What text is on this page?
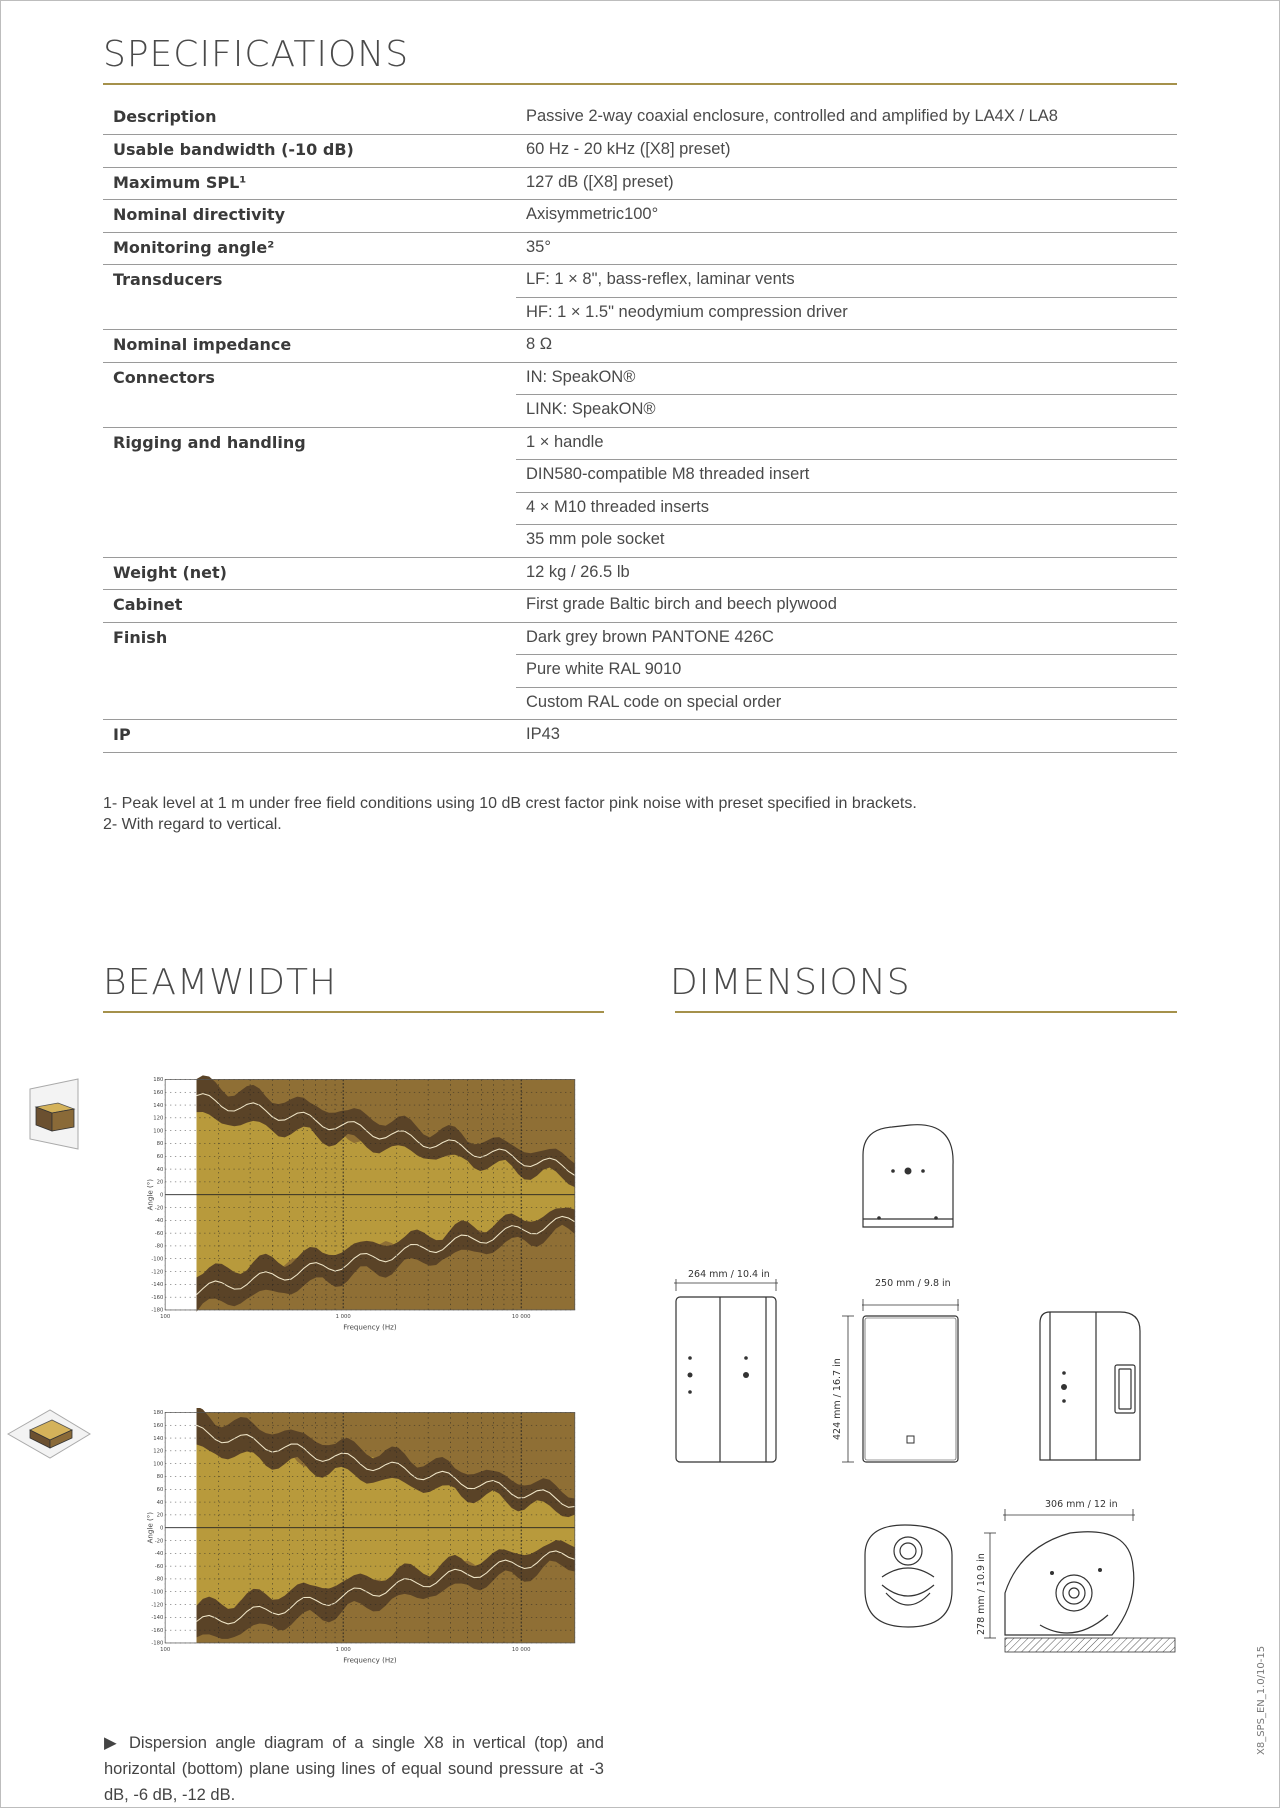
SPECIFICATIONS
Description	Passive 2-way coaxial enclosure, controlled and amplified by LA4X / LA8
Usable bandwidth (-10 dB)	60 Hz - 20 kHz ([X8] preset)
Maximum SPL¹	127 dB ([X8] preset)
Nominal directivity	Axisymmetric100°
Monitoring angle²	35°
Transducers	LF: 1 × 8", bass-reflex, laminar vents
	HF: 1 × 1.5" neodymium compression driver
Nominal impedance	8 Ω
Connectors	IN: SpeakON®
	LINK: SpeakON®
Rigging and handling	1 × handle
	DIN580-compatible M8 threaded insert
	4 × M10 threaded inserts
	35 mm pole socket
Weight (net)	12 kg / 26.5 lb
Cabinet	First grade Baltic birch and beech plywood
Finish	Dark grey brown PANTONE 426C
	Pure white RAL 9010
	Custom RAL code on special order
IP	IP43
1- Peak level at 1 m under free field conditions using 10 dB crest factor pink noise with preset specified in brackets.
2- With regard to vertical.
BEAMWIDTH	DIMENSIONS
180
160
140
120
100
80
60
40
20
0
-20
-40
-60
-80
-100
-120
-140
-160
-180
100	1 000	10 000
Frequency (Hz)
Angle (°)
180
160
140
120
100
80
60
40
20
0
-20
-40
-60
-80
-100
-120
-140
-160
-180
100	1 000	10 000
Frequency (Hz)
Angle (°)
▶ Dispersion angle diagram of a single X8 in vertical (top) and horizontal (bottom) plane using lines of equal sound pressure at -3 dB, -6 dB, -12 dB.
264 mm / 10.4 in
250 mm / 9.8 in
424 mm / 16.7 in
306 mm / 12 in
278 mm / 10.9 in
X8_SPS_EN_1.0/10-15
